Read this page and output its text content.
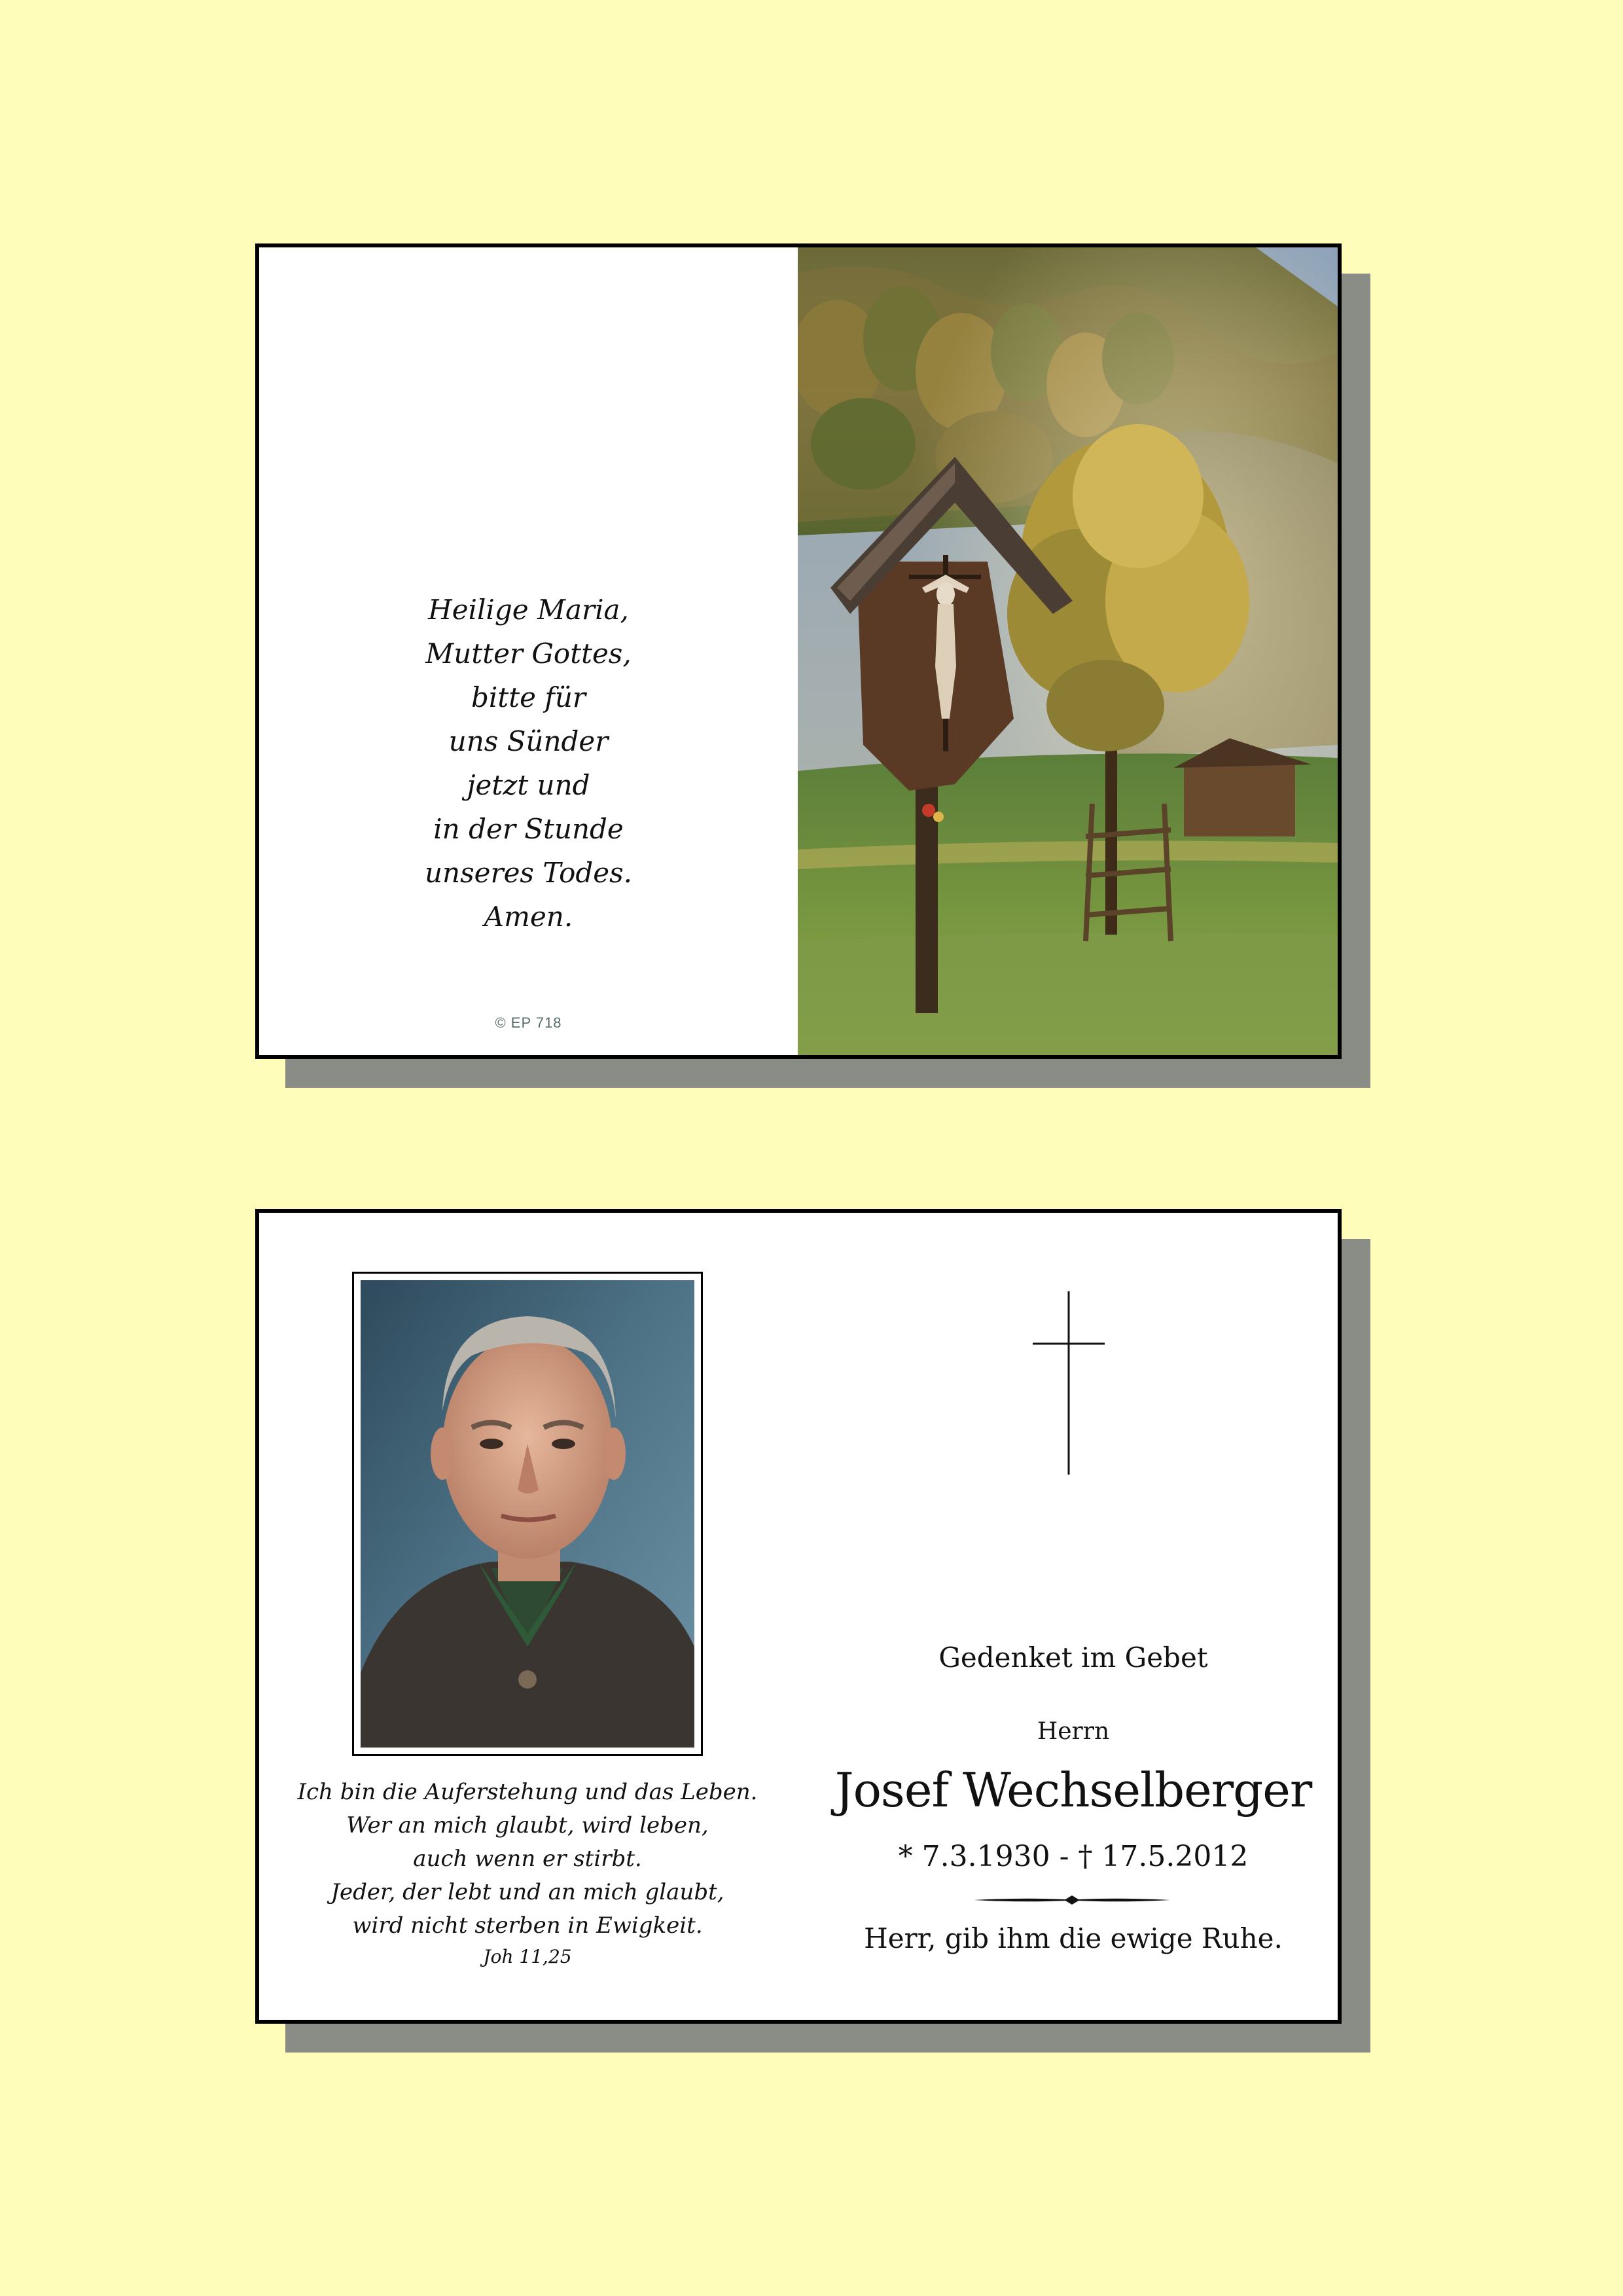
Heilige Maria,
Mutter Gottes,
bitte für
uns Sünder
jetzt und
in der Stunde
unseres Todes.
Amen.
© EP 718
Ich bin die Auferstehung und das Leben.
Wer an mich glaubt, wird leben,
auch wenn er stirbt.
Jeder, der lebt und an mich glaubt,
wird nicht sterben in Ewigkeit.
Joh 11,25
Gedenket im Gebet
Herrn
Josef Wechselberger
* 7.3.1930 - † 17.5.2012
Herr, gib ihm die ewige Ruhe.
